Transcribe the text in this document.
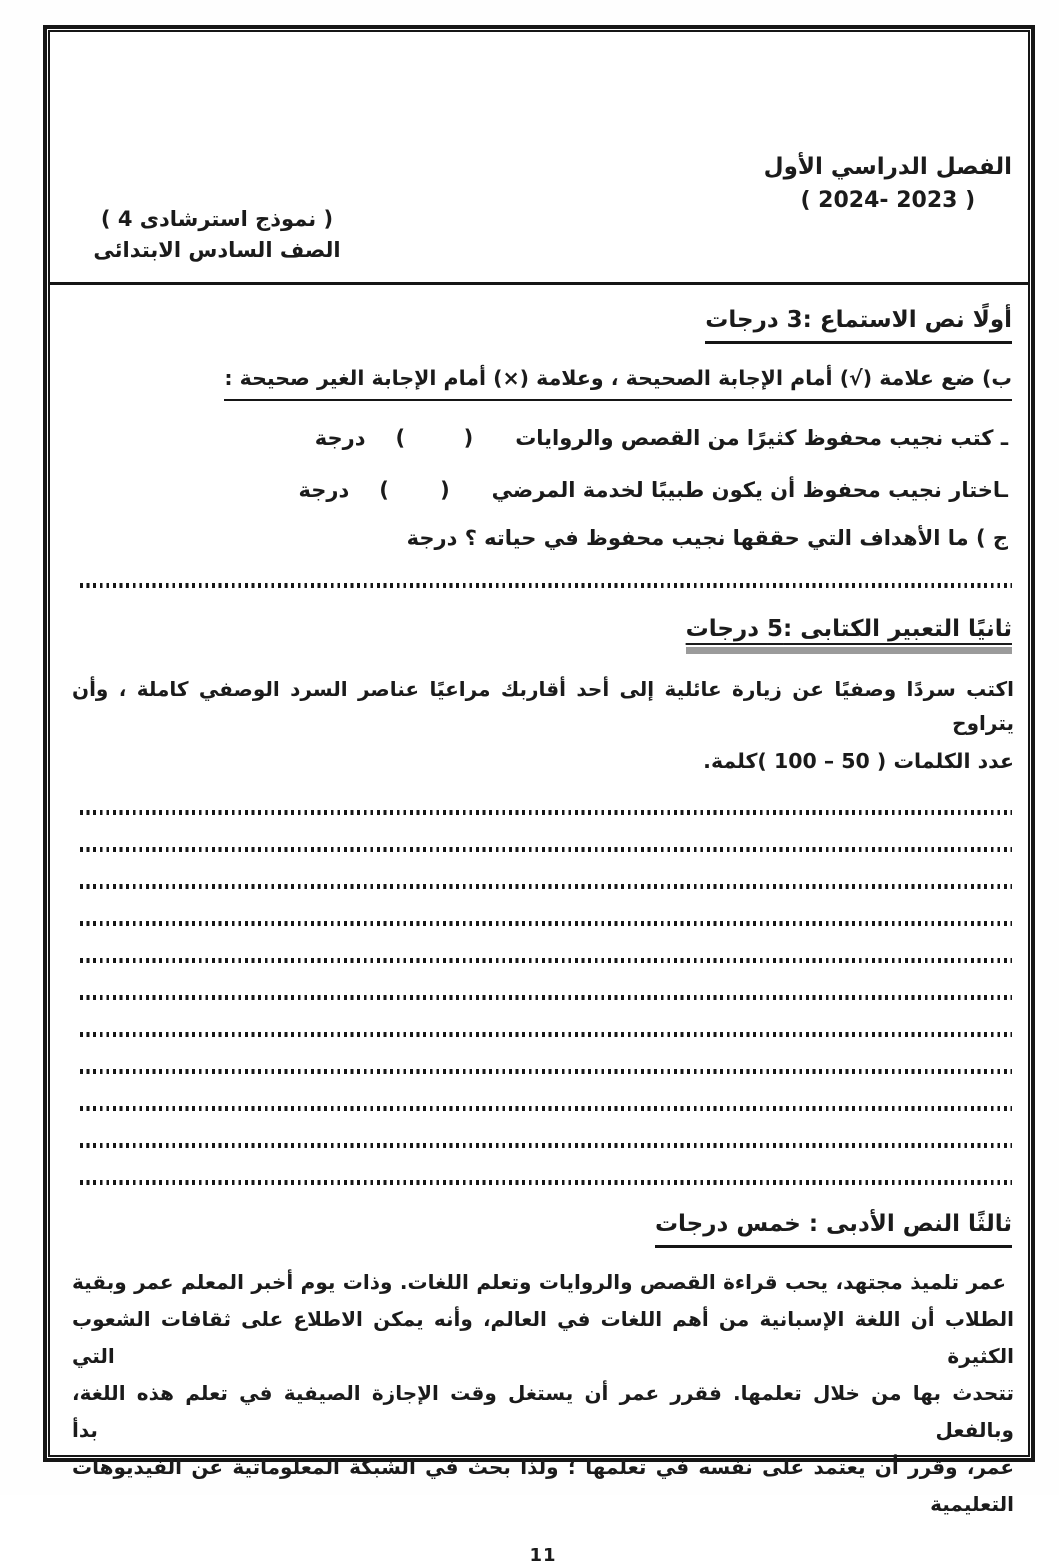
الفصل الدراسي الأول
( 2024- 2023 )
( نموذج استرشادى 4 )
الصف السادس الابتدائى
أولًا نص الاستماع :3 درجات
ب) ضع علامة (√) أمام الإجابة الصحيحة ، وعلامة (×) أمام الإجابة الغير صحيحة :
ـ كتب نجيب محفوظ كثيرًا من القصص والروايات
(        )
درجة
ـاختار نجيب محفوظ أن يكون طبيبًا لخدمة المرضي
(       )
درجة
ج ) ما الأهداف التي حققها نجيب محفوظ في حياته ؟ درجة
ثانيًا التعبير الكتابى :5 درجات
اكتب سردًا وصفيًا عن زيارة عائلية إلى أحد أقاربك مراعيًا عناصر السرد الوصفي كاملة ، وأن يتراوح
عدد الكلمات ( 50 – 100 )كلمة.
ثالثًا النص الأدبى : خمس درجات
عمر تلميذ مجتهد، يحب قراءة القصص والروايات وتعلم اللغات. وذات يوم أخبر المعلم عمر وبقية
الطلاب أن اللغة الإسبانية من أهم اللغات في العالم، وأنه يمكن الاطلاع على ثقافات الشعوب الكثيرة التي
تتحدث بها من خلال تعلمها. فقرر عمر أن يستغل وقت الإجازة الصيفية في تعلم هذه اللغة، وبالفعل بدأ
عمر، وقرر أن يعتمد على نفسه في تعلمها ؛ ولذا بحث في الشبكة المعلوماتية عن الفيديوهات التعليمية
11
